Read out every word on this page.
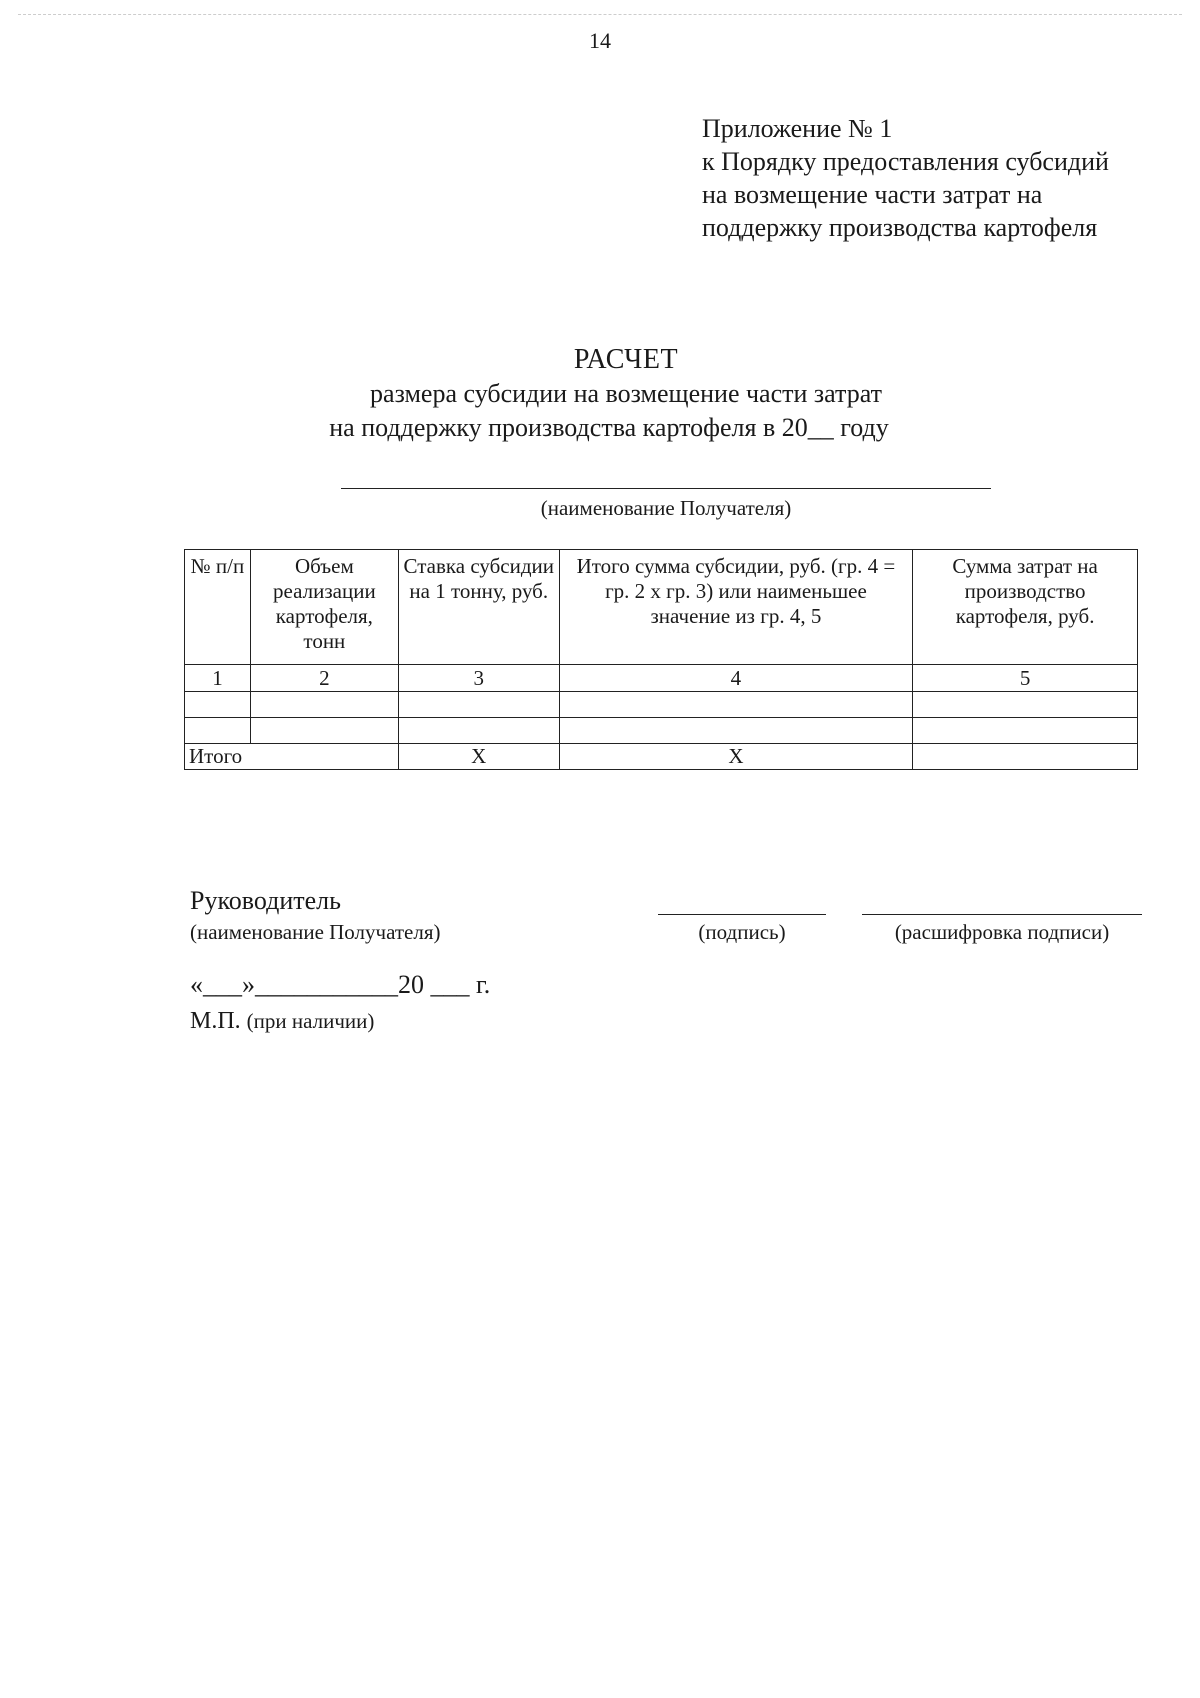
14
Приложение № 1
к Порядку предоставления субсидий
на возмещение части затрат на
поддержку производства картофеля
РАСЧЕТ
размера субсидии на возмещение части затрат
на поддержку производства картофеля в 20__ году
(наименование Получателя)
№ п/п	Объем реализации картофеля, тонн	Ставка субсидии на 1 тонну, руб.	Итого сумма субсидии, руб. (гр. 4 = гр. 2 х гр. 3) или наименьшее значение из гр. 4, 5	Сумма затрат на производство картофеля, руб.
1	2	3	4	5

Итого		Х	Х	
Руководитель
(наименование Получателя)	(подпись)	(расшифровка подписи)
«___»___________20 ___ г.
М.П. (при наличии)
